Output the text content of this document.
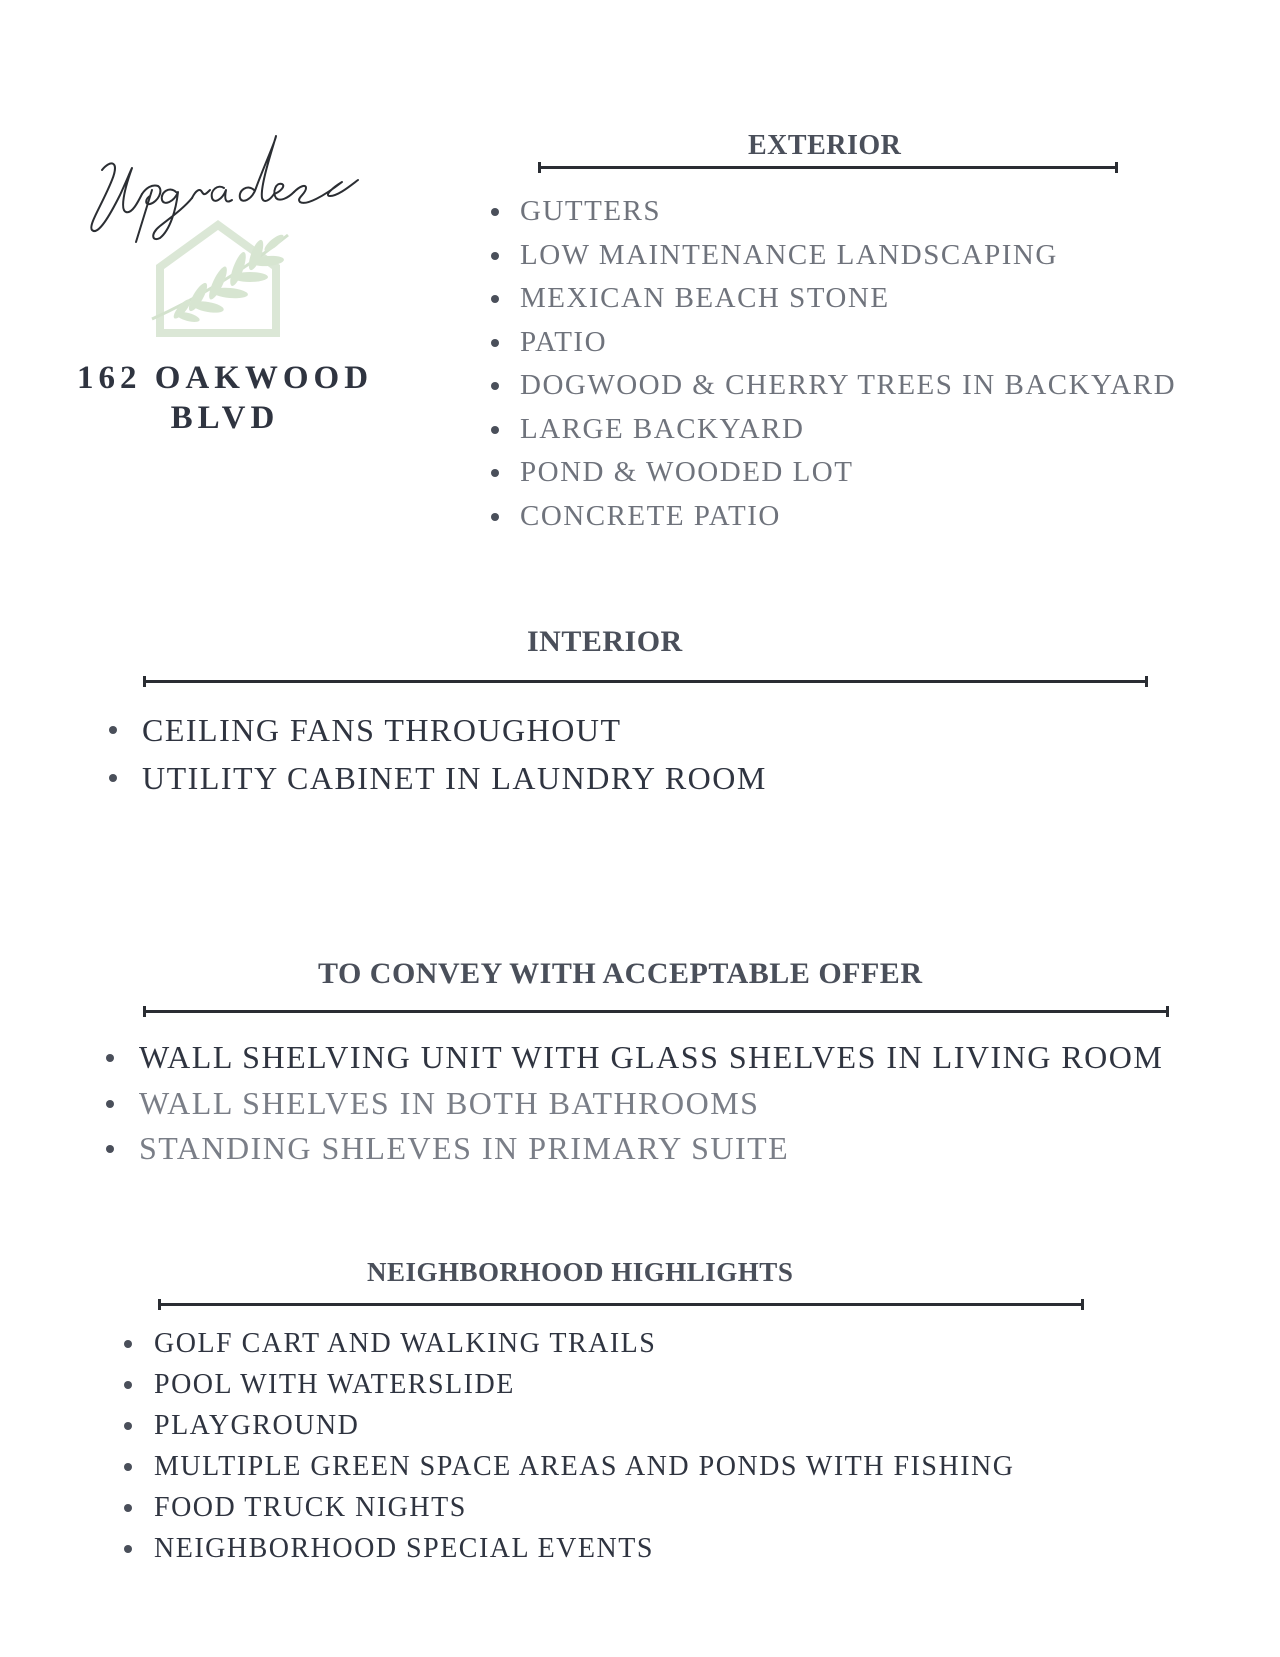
162 OAKWOOD BLVD
EXTERIOR
GUTTERS
LOW MAINTENANCE LANDSCAPING
MEXICAN BEACH STONE
PATIO
DOGWOOD & CHERRY TREES IN BACKYARD
LARGE BACKYARD
POND & WOODED LOT
CONCRETE PATIO
INTERIOR
CEILING FANS THROUGHOUT
UTILITY CABINET IN LAUNDRY ROOM
TO CONVEY WITH ACCEPTABLE OFFER
WALL SHELVING UNIT WITH GLASS SHELVES IN LIVING ROOM
WALL SHELVES IN BOTH BATHROOMS
STANDING SHLEVES IN PRIMARY SUITE
NEIGHBORHOOD HIGHLIGHTS
GOLF CART AND WALKING TRAILS
POOL WITH WATERSLIDE
PLAYGROUND
MULTIPLE GREEN SPACE AREAS AND PONDS WITH FISHING
FOOD TRUCK NIGHTS
NEIGHBORHOOD SPECIAL EVENTS
